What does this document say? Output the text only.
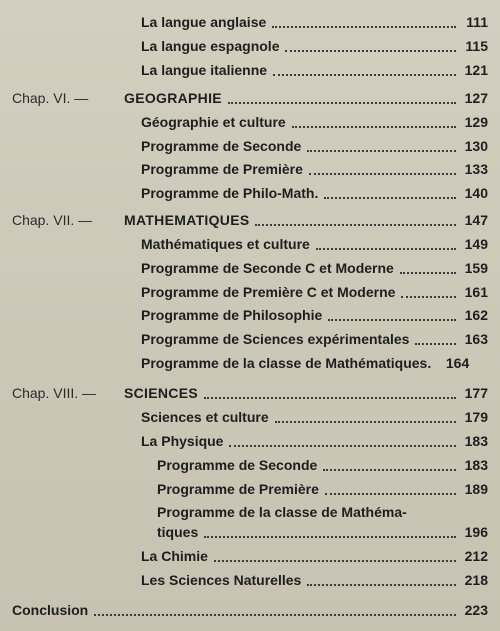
La langue anglaise	111
La langue espagnole	115
La langue italienne	121
Chap. VI. —	GEOGRAPHIE	127
Géographie et culture	129
Programme de Seconde	130
Programme de Première	133
Programme de Philo-Math.	140
Chap. VII. — MATHEMATIQUES	147
Mathématiques et culture	149
Programme de Seconde C et Moderne	159
Programme de Première C et Moderne	161
Programme de Philosophie	162
Programme de Sciences expérimentales	163
Programme de la classe de Mathématiques. 164
Chap. VIII. — SCIENCES	177
Sciences et culture	179
La Physique	183
Programme de Seconde	183
Programme de Première	189
Programme de la classe de Mathéma-
tiques	196
La Chimie	212
Les Sciences Naturelles	218
Conclusion	223
